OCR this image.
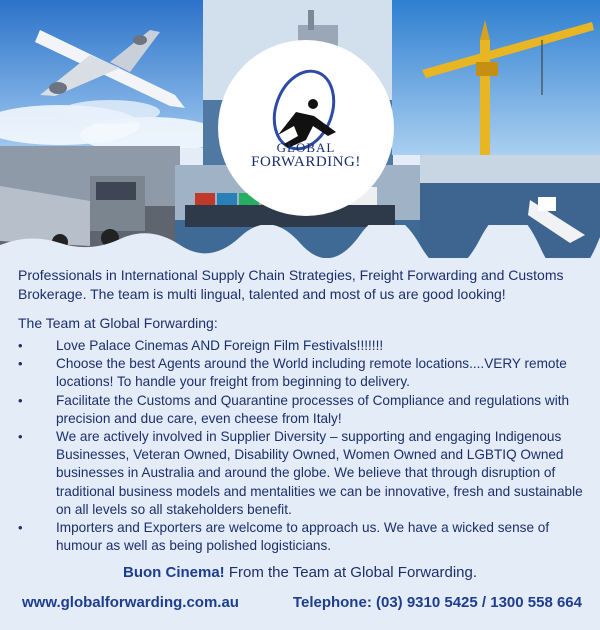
GLOBAL
FORWARDING!

Professionals in International Supply Chain Strategies, Freight Forwarding and Customs Brokerage. The team is multi lingual, talented and most of us are good looking!

The Team at Global Forwarding:

• Love Palace Cinemas AND Foreign Film Festivals!!!!!!!
• Choose the best Agents around the World including remote locations....VERY remote locations! To handle your freight from beginning to delivery.
• Facilitate the Customs and Quarantine processes of Compliance and regulations with precision and due care, even cheese from Italy!
• We are actively involved in Supplier Diversity – supporting and engaging Indigenous Businesses, Veteran Owned, Disability Owned, Women Owned and LGBTIQ Owned businesses in Australia and around the globe. We believe that through disruption of traditional business models and mentalities we can be innovative, fresh and sustainable on all levels so all stakeholders benefit.
• Importers and Exporters are welcome to approach us. We have a wicked sense of humour as well as being polished logisticians.
Buon Cinema! From the Team at Global Forwarding.
www.globalforwarding.com.au	Telephone: (03) 9310 5425 / 1300 558 664
